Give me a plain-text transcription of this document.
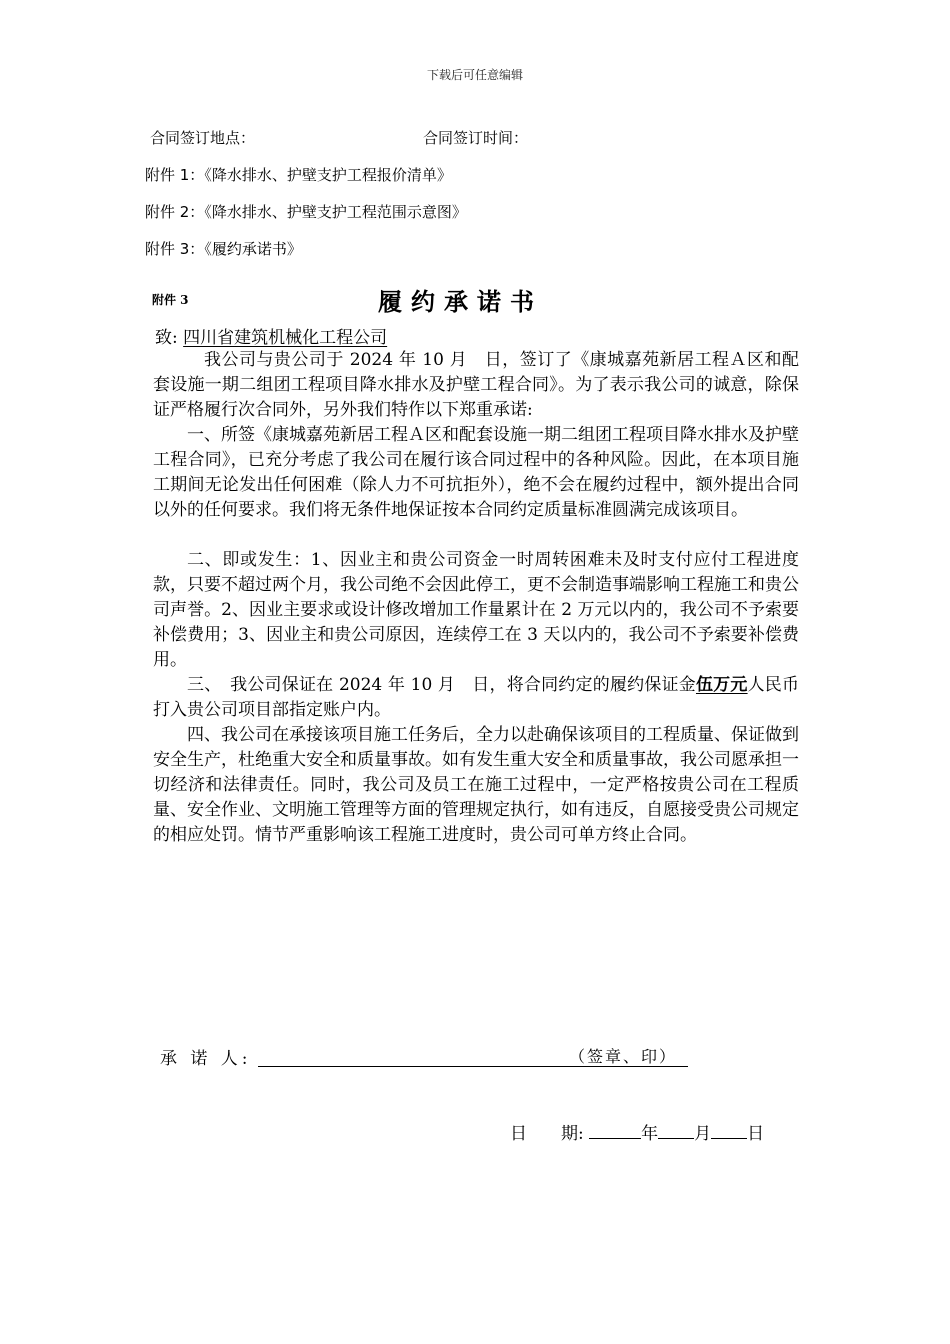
下载后可任意编辑
合同签订地点：	合同签订时间：
附件 1：《降水排水、护壁支护工程报价清单》
附件 2：《降水排水、护壁支护工程范围示意图》
附件 3：《履约承诺书》
附件 3	履约承诺书
致: 四川省建筑机械化工程公司

我公司与贵公司于 2024 年 10 月　日，签订了《康城嘉苑新居工程Ａ区和配套设施一期二组团工程项目降水排水及护壁工程合同》。为了表示我公司的诚意，除保证严格履行次合同外，另外我们特作以下郑重承诺:

一、所签《康城嘉苑新居工程Ａ区和配套设施一期二组团工程项目降水排水及护壁工程合同》，已充分考虑了我公司在履行该合同过程中的各种风险。因此，在本项目施工期间无论发出任何困难（除人力不可抗拒外），绝不会在履约过程中，额外提出合同以外的任何要求。我们将无条件地保证按本合同约定质量标准圆满完成该项目。

二、即或发生：1、因业主和贵公司资金一时周转困难未及时支付应付工程进度款，只要不超过两个月，我公司绝不会因此停工，更不会制造事端影响工程施工和贵公司声誉。2、因业主要求或设计修改增加工作量累计在 2 万元以内的，我公司不予索要补偿费用；3、因业主和贵公司原因，连续停工在 3 天以内的，我公司不予索要补偿费用。

三、　我公司保证在 2024 年 10 月　日，将合同约定的履约保证金伍万元人民币打入贵公司项目部指定账户内。

四、我公司在承接该项目施工任务后，全力以赴确保该项目的工程质量、保证做到安全生产，杜绝重大安全和质量事故。如有发生重大安全和质量事故，我公司愿承担一切经济和法律责任。同时，我公司及员工在施工过程中，一定严格按贵公司在工程质量、安全作业、文明施工管理等方面的管理规定执行，如有违反，自愿接受贵公司规定的相应处罚。情节严重影响该工程施工进度时，贵公司可单方终止合同。

承 诺 人:	（签章、印）
日　　期:	年 月 日
